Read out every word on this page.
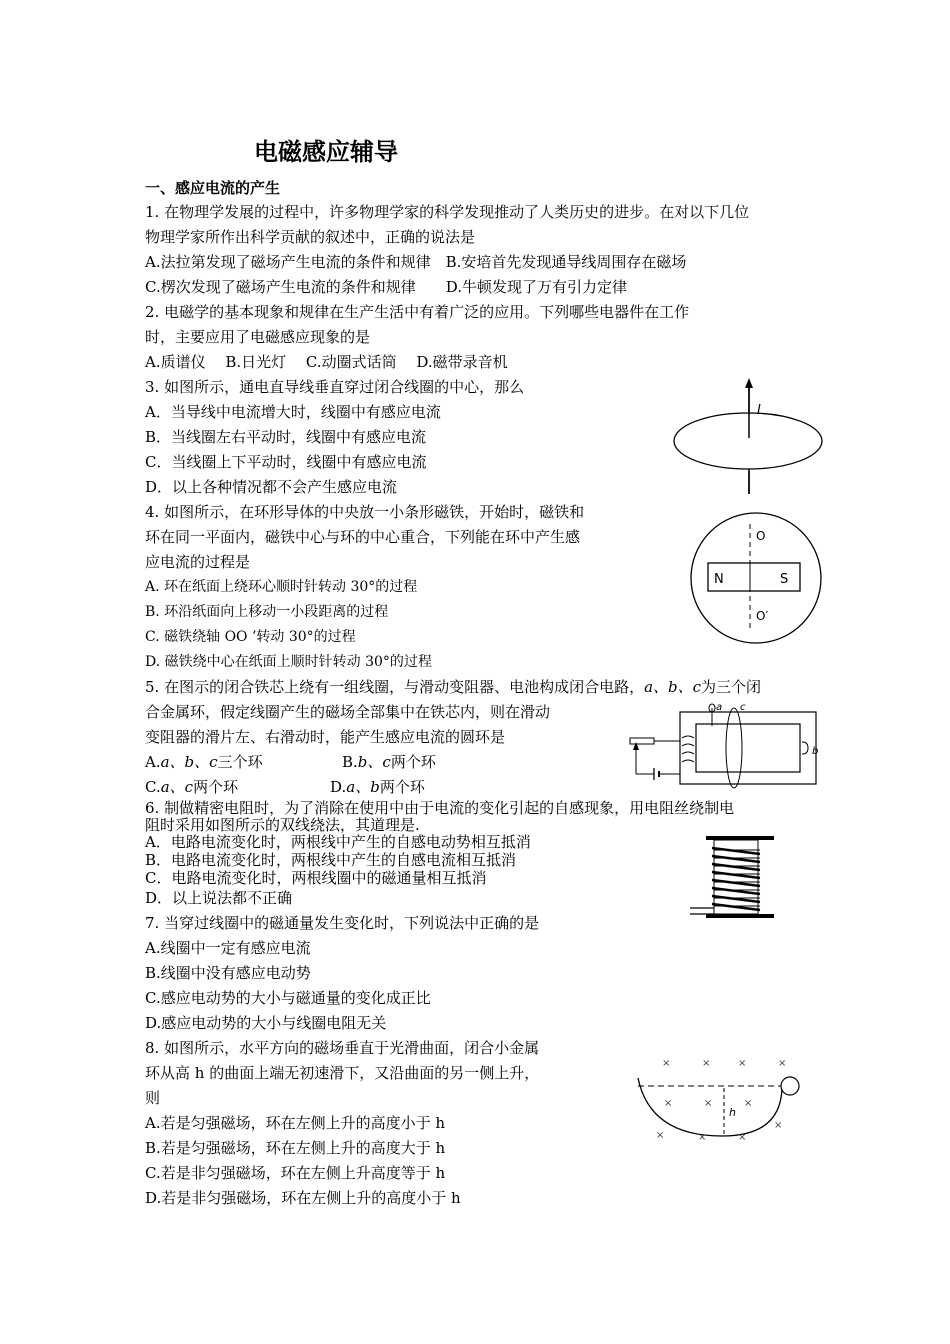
电磁感应辅导
一、感应电流的产生
1. 在物理学发展的过程中，许多物理学家的科学发现推动了人类历史的进步。在对以下几位
物理学家所作出科学贡献的叙述中，正确的说法是
A.法拉第发现了磁场产生电流的条件和规律　B.安培首先发现通导线周围存在磁场
C.楞次发现了磁场产生电流的条件和规律　　D.牛顿发现了万有引力定律
2. 电磁学的基本现象和规律在生产生活中有着广泛的应用。下列哪些电器件在工作
时，主要应用了电磁感应现象的是
A.质谱仪　 B.日光灯　 C.动圈式话筒　 D.磁带录音机
3. 如图所示，通电直导线垂直穿过闭合线圈的中心，那么
A．当导线中电流增大时，线圈中有感应电流
B．当线圈左右平动时，线圈中有感应电流
C．当线圈上下平动时，线圈中有感应电流
D．以上各种情况都不会产生感应电流
I
4. 如图所示，在环形导体的中央放一小条形磁铁，开始时，磁铁和
环在同一平面内，磁铁中心与环的中心重合，下列能在环中产生感
应电流的过程是
A. 环在纸面上绕环心顺时针转动 30°的过程
B. 环沿纸面向上移动一小段距离的过程
C. 磁铁绕轴 OO ’转动 30°的过程
D. 磁铁绕中心在纸面上顺时针转动 30°的过程
N	S
O
O′
5. 在图示的闭合铁芯上绕有一组线圈，与滑动变阻器、电池构成闭合电路，a、b、c为三个闭
合金属环，假定线圈产生的磁场全部集中在铁芯内，则在滑动
变阻器的滑片左、右滑动时，能产生感应电流的圆环是
A.a、b、c三个环	B.b、c两个环
C.a、c两个环	D.a、b两个环
a c
b
6. 制做精密电阻时，为了消除在使用中由于电流的变化引起的自感现象，用电阻丝绕制电
阻时采用如图所示的双线绕法，其道理是.
A．电路电流变化时，两根线中产生的自感电动势相互抵消
B．电路电流变化时，两根线中产生的自感电流相互抵消
C．电路电流变化时，两根线圈中的磁通量相互抵消
D．以上说法都不正确
7. 当穿过线圈中的磁通量发生变化时，下列说法中正确的是
A.线圈中一定有感应电流
B.线圈中没有感应电动势
C.感应电动势的大小与磁通量的变化成正比
D.感应电动势的大小与线圈电阻无关
8. 如图所示，水平方向的磁场垂直于光滑曲面，闭合小金属
环从高 h 的曲面上端无初速滑下，又沿曲面的另一侧上升，
则
A.若是匀强磁场，环在左侧上升的高度小于 h
B.若是匀强磁场，环在左侧上升的高度大于 h
C.若是非匀强磁场，环在左侧上升高度等于 h
D.若是非匀强磁场，环在左侧上升的高度小于 h
h
×	×	×	×
×	×	×
×	×	×
×
